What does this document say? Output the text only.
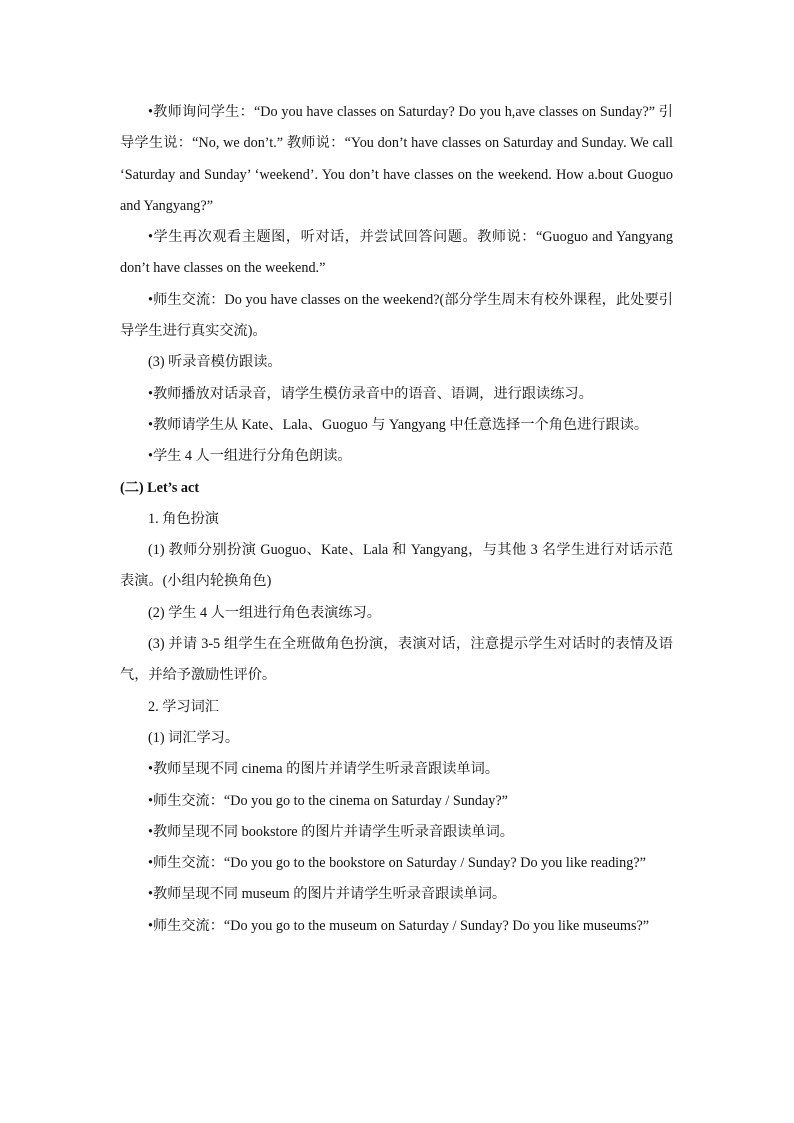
•教师询问学生：“Do you have classes on Saturday? Do you h,ave classes on Sunday?” 引导学生说：“No, we don’t.” 教师说：“You don’t have classes on Saturday and Sunday. We call ‘Saturday and Sunday’ ‘weekend’. You don’t have classes on the weekend. How a.bout Guoguo and Yangyang?”

•学生再次观看主题图，听对话，并尝试回答问题。教师说：“Guoguo and Yangyang don’t have classes on the weekend.”

•师生交流：Do you have classes on the weekend?(部分学生周末有校外课程，此处要引导学生进行真实交流)。

(3) 听录音模仿跟读。

•教师播放对话录音，请学生模仿录音中的语音、语调，进行跟读练习。

•教师请学生从 Kate、Lala、Guoguo 与 Yangyang 中任意选择一个角色进行跟读。

•学生 4 人一组进行分角色朗读。

(二) Let’s act

1. 角色扮演

(1) 教师分别扮演 Guoguo、Kate、Lala 和 Yangyang，与其他 3 名学生进行对话示范表演。(小组内轮换角色)

(2) 学生 4 人一组进行角色表演练习。

(3) 并请 3-5 组学生在全班做角色扮演，表演对话，注意提示学生对话时的表情及语气，并给予激励性评价。

2. 学习词汇

(1) 词汇学习。

•教师呈现不同 cinema 的图片并请学生听录音跟读单词。

•师生交流：“Do you go to the cinema on Saturday / Sunday?”

•教师呈现不同 bookstore 的图片并请学生听录音跟读单词。

•师生交流：“Do you go to the bookstore on Saturday / Sunday? Do you like reading?”

•教师呈现不同 museum 的图片并请学生听录音跟读单词。

•师生交流：“Do you go to the museum on Saturday / Sunday? Do you like museums?”
